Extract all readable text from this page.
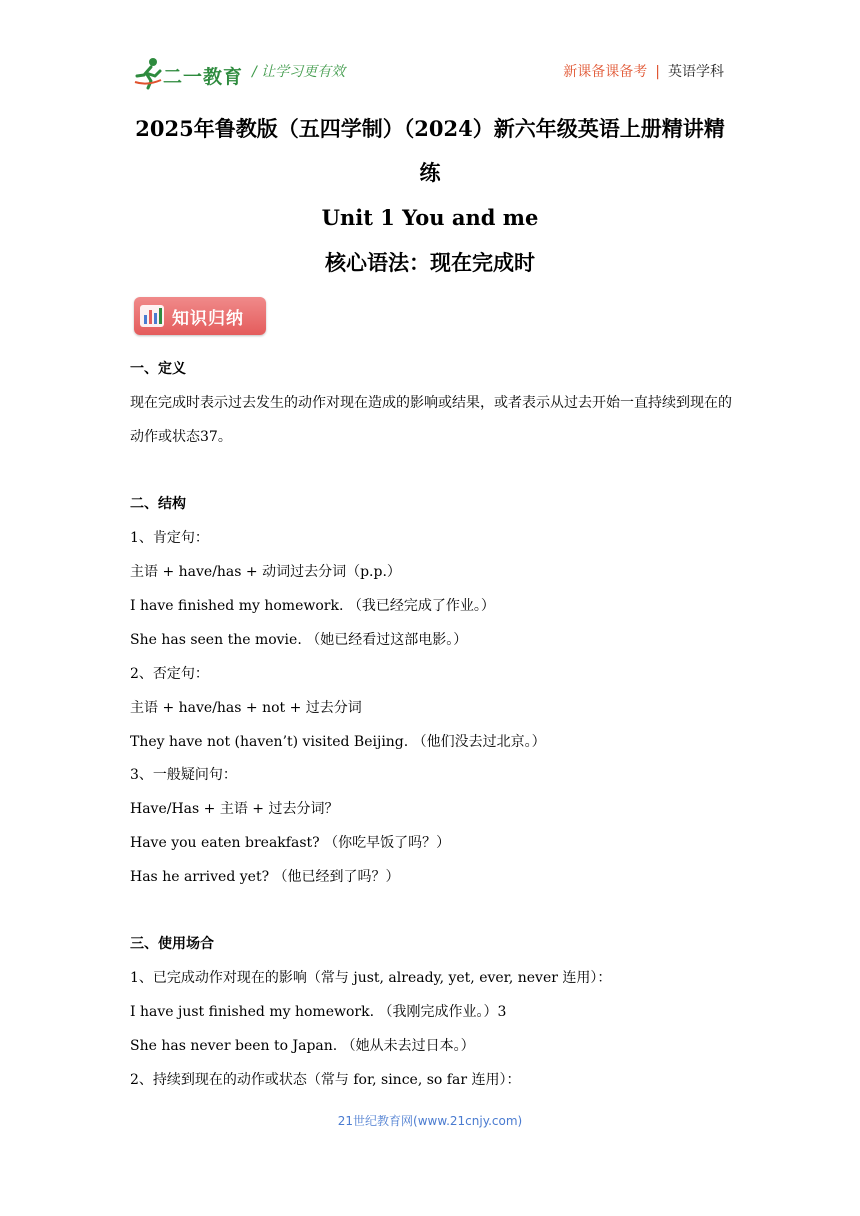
二一教育 / 让学习更有效	新课备课备考 | 英语学科
2025年鲁教版（五四学制）（2024）新六年级英语上册精讲精
练
Unit 1 You and me
核心语法：现在完成时
知识归纳
一、定义
现在完成时表示过去发生的动作对现在造成的影响或结果，或者表示从过去开始一直持续到现在的动作或状态37。
二、结构
1、肯定句：
主语 + have/has + 动词过去分词（p.p.）
I have finished my homework. （我已经完成了作业。）
She has seen the movie. （她已经看过这部电影。）
2、否定句：
主语 + have/has + not + 过去分词
They have not (haven’t) visited Beijing. （他们没去过北京。）
3、一般疑问句：
Have/Has + 主语 + 过去分词？
Have you eaten breakfast? （你吃早饭了吗？）
Has he arrived yet? （他已经到了吗？）
三、使用场合
1、已完成动作对现在的影响（常与 just, already, yet, ever, never 连用）：
I have just finished my homework. （我刚完成作业。）3
She has never been to Japan. （她从未去过日本。）
2、持续到现在的动作或状态（常与 for, since, so far 连用）：
21世纪教育网(www.21cnjy.com)
